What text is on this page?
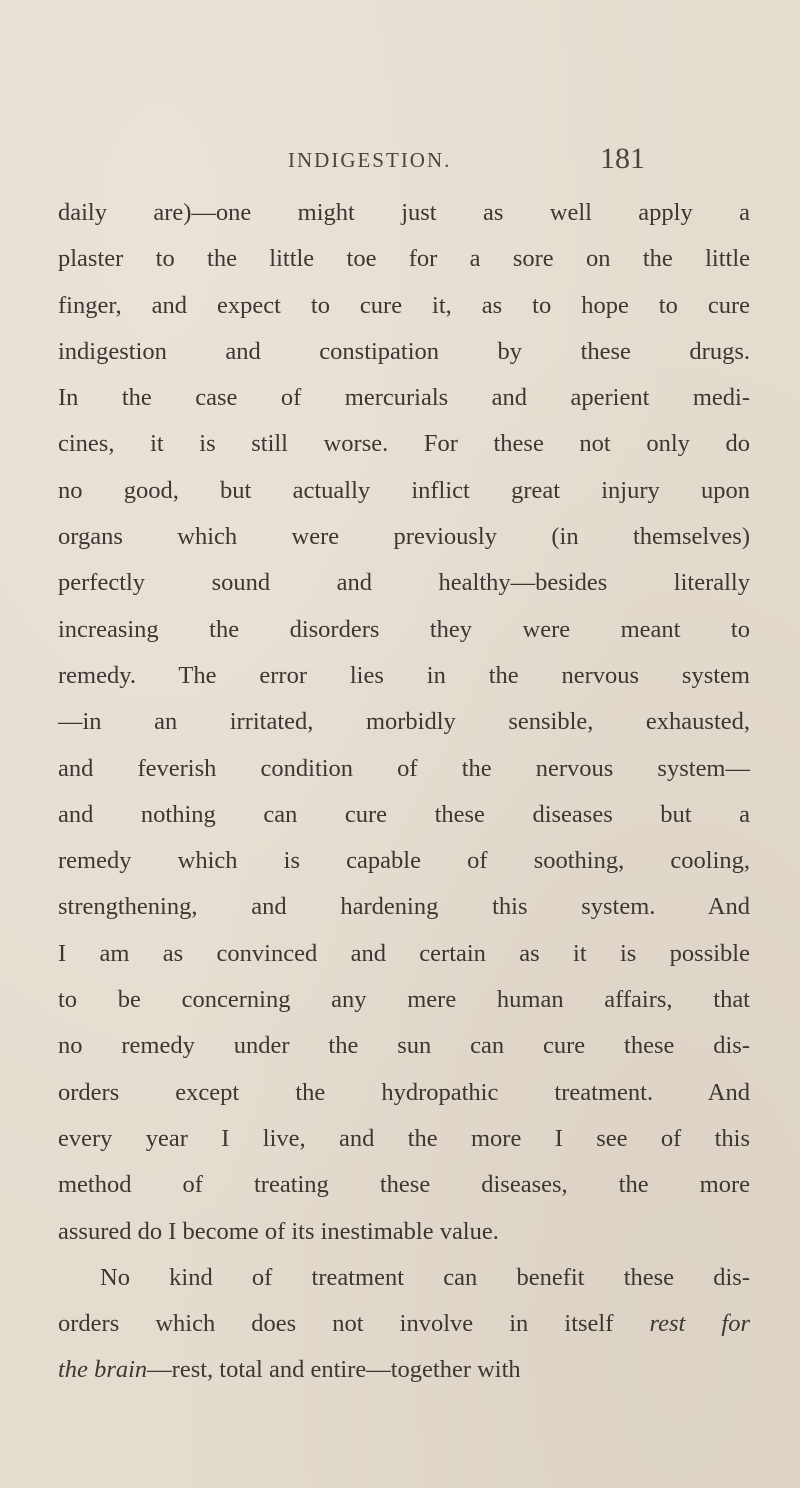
INDIGESTION.	181
daily are)—one might just as well apply a
plaster to the little toe for a sore on the little
finger, and expect to cure it, as to hope to cure
indigestion and constipation by these drugs.
In the case of mercurials and aperient medi-
cines, it is still worse. For these not only do
no good, but actually inflict great injury upon
organs which were previously (in themselves)
perfectly sound and healthy—besides literally
increasing the disorders they were meant to
remedy. The error lies in the nervous system
—in an irritated, morbidly sensible, exhausted,
and feverish condition of the nervous system—
and nothing can cure these diseases but a
remedy which is capable of soothing, cooling,
strengthening, and hardening this system. And
I am as convinced and certain as it is possible
to be concerning any mere human affairs, that
no remedy under the sun can cure these dis-
orders except the hydropathic treatment. And
every year I live, and the more I see of this
method of treating these diseases, the more
assured do I become of its inestimable value.
No kind of treatment can benefit these dis-
orders which does not involve in itself rest for
the brain—rest, total and entire—together with
